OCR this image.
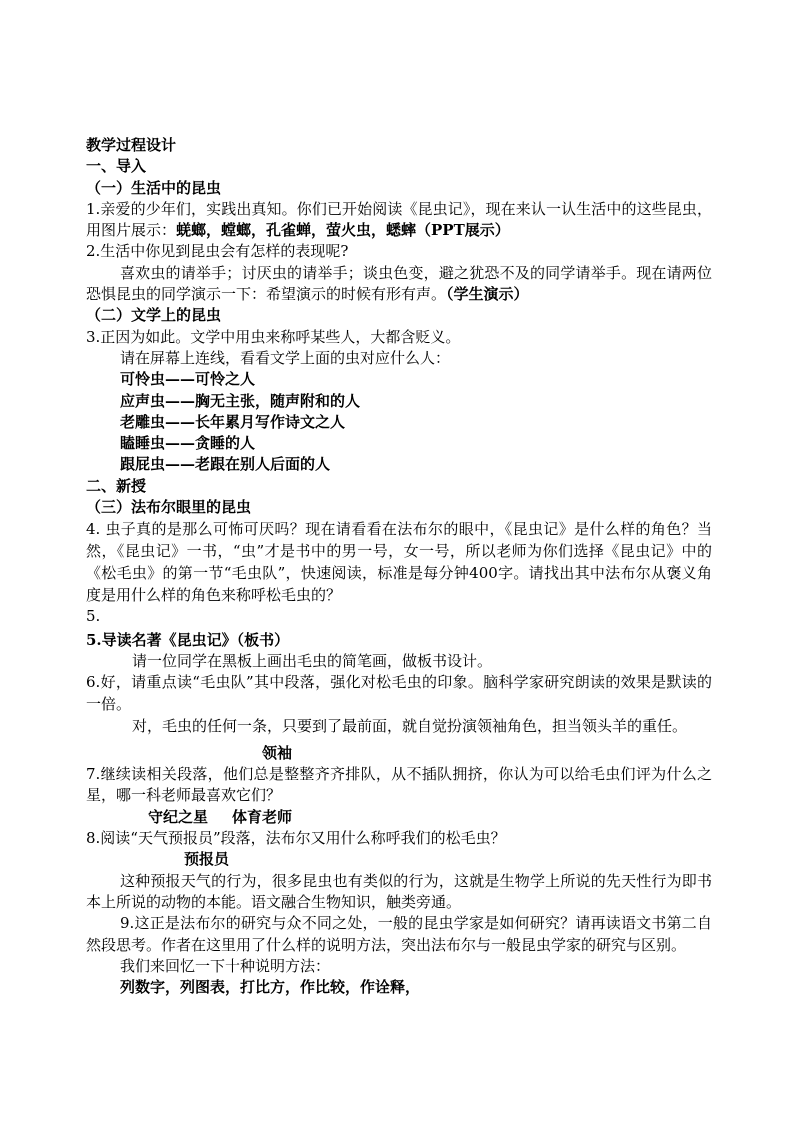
教学过程设计

一、导入

（一）生活中的昆虫

1.亲爱的少年们，实践出真知。你们已开始阅读《昆虫记》，现在来认一认生活中的这些昆虫，用图片展示：蜣螂，螳螂，孔雀蝉，萤火虫，蟋蟀（PPT展示）

2.生活中你见到昆虫会有怎样的表现呢?

喜欢虫的请举手；讨厌虫的请举手；谈虫色变，避之犹恐不及的同学请举手。现在请两位恐惧昆虫的同学演示一下：希望演示的时候有形有声。（学生演示）

（二）文学上的昆虫

3.正因为如此。文学中用虫来称呼某些人，大都含贬义。

请在屏幕上连线，看看文学上面的虫对应什么人：

可怜虫——可怜之人

应声虫——胸无主张，随声附和的人

老雕虫——长年累月写作诗文之人

瞌睡虫——贪睡的人

跟屁虫——老跟在别人后面的人

二、新授

（三）法布尔眼里的昆虫

4. 虫子真的是那么可怖可厌吗？现在请看看在法布尔的眼中，《昆虫记》是什么样的角色？当然，《昆虫记》一书，“虫”才是书中的男一号，女一号，所以老师为你们选择《昆虫记》中的《松毛虫》的第一节“毛虫队”，快速阅读，标准是每分钟400字。请找出其中法布尔从褒义角度是用什么样的角色来称呼松毛虫的？

5.

5.导读名著《昆虫记》（板书）

请一位同学在黑板上画出毛虫的简笔画，做板书设计。

6.好，请重点读“毛虫队”其中段落，强化对松毛虫的印象。脑科学家研究朗读的效果是默读的一倍。

对，毛虫的任何一条，只要到了最前面，就自觉扮演领袖角色，担当领头羊的重任。

领袖

7.继续读相关段落，他们总是整整齐齐排队，从不插队拥挤，你认为可以给毛虫们评为什么之星，哪一科老师最喜欢它们？

守纪之星 体育老师

8.阅读“天气预报员”段落，法布尔又用什么称呼我们的松毛虫？

预报员

这种预报天气的行为，很多昆虫也有类似的行为，这就是生物学上所说的先天性行为即书本上所说的动物的本能。语文融合生物知识，触类旁通。

9.这正是法布尔的研究与众不同之处，一般的昆虫学家是如何研究？请再读语文书第二自然段思考。作者在这里用了什么样的说明方法，突出法布尔与一般昆虫学家的研究与区别。

我们来回忆一下十种说明方法：

列数字，列图表，打比方，作比较，作诠释，
